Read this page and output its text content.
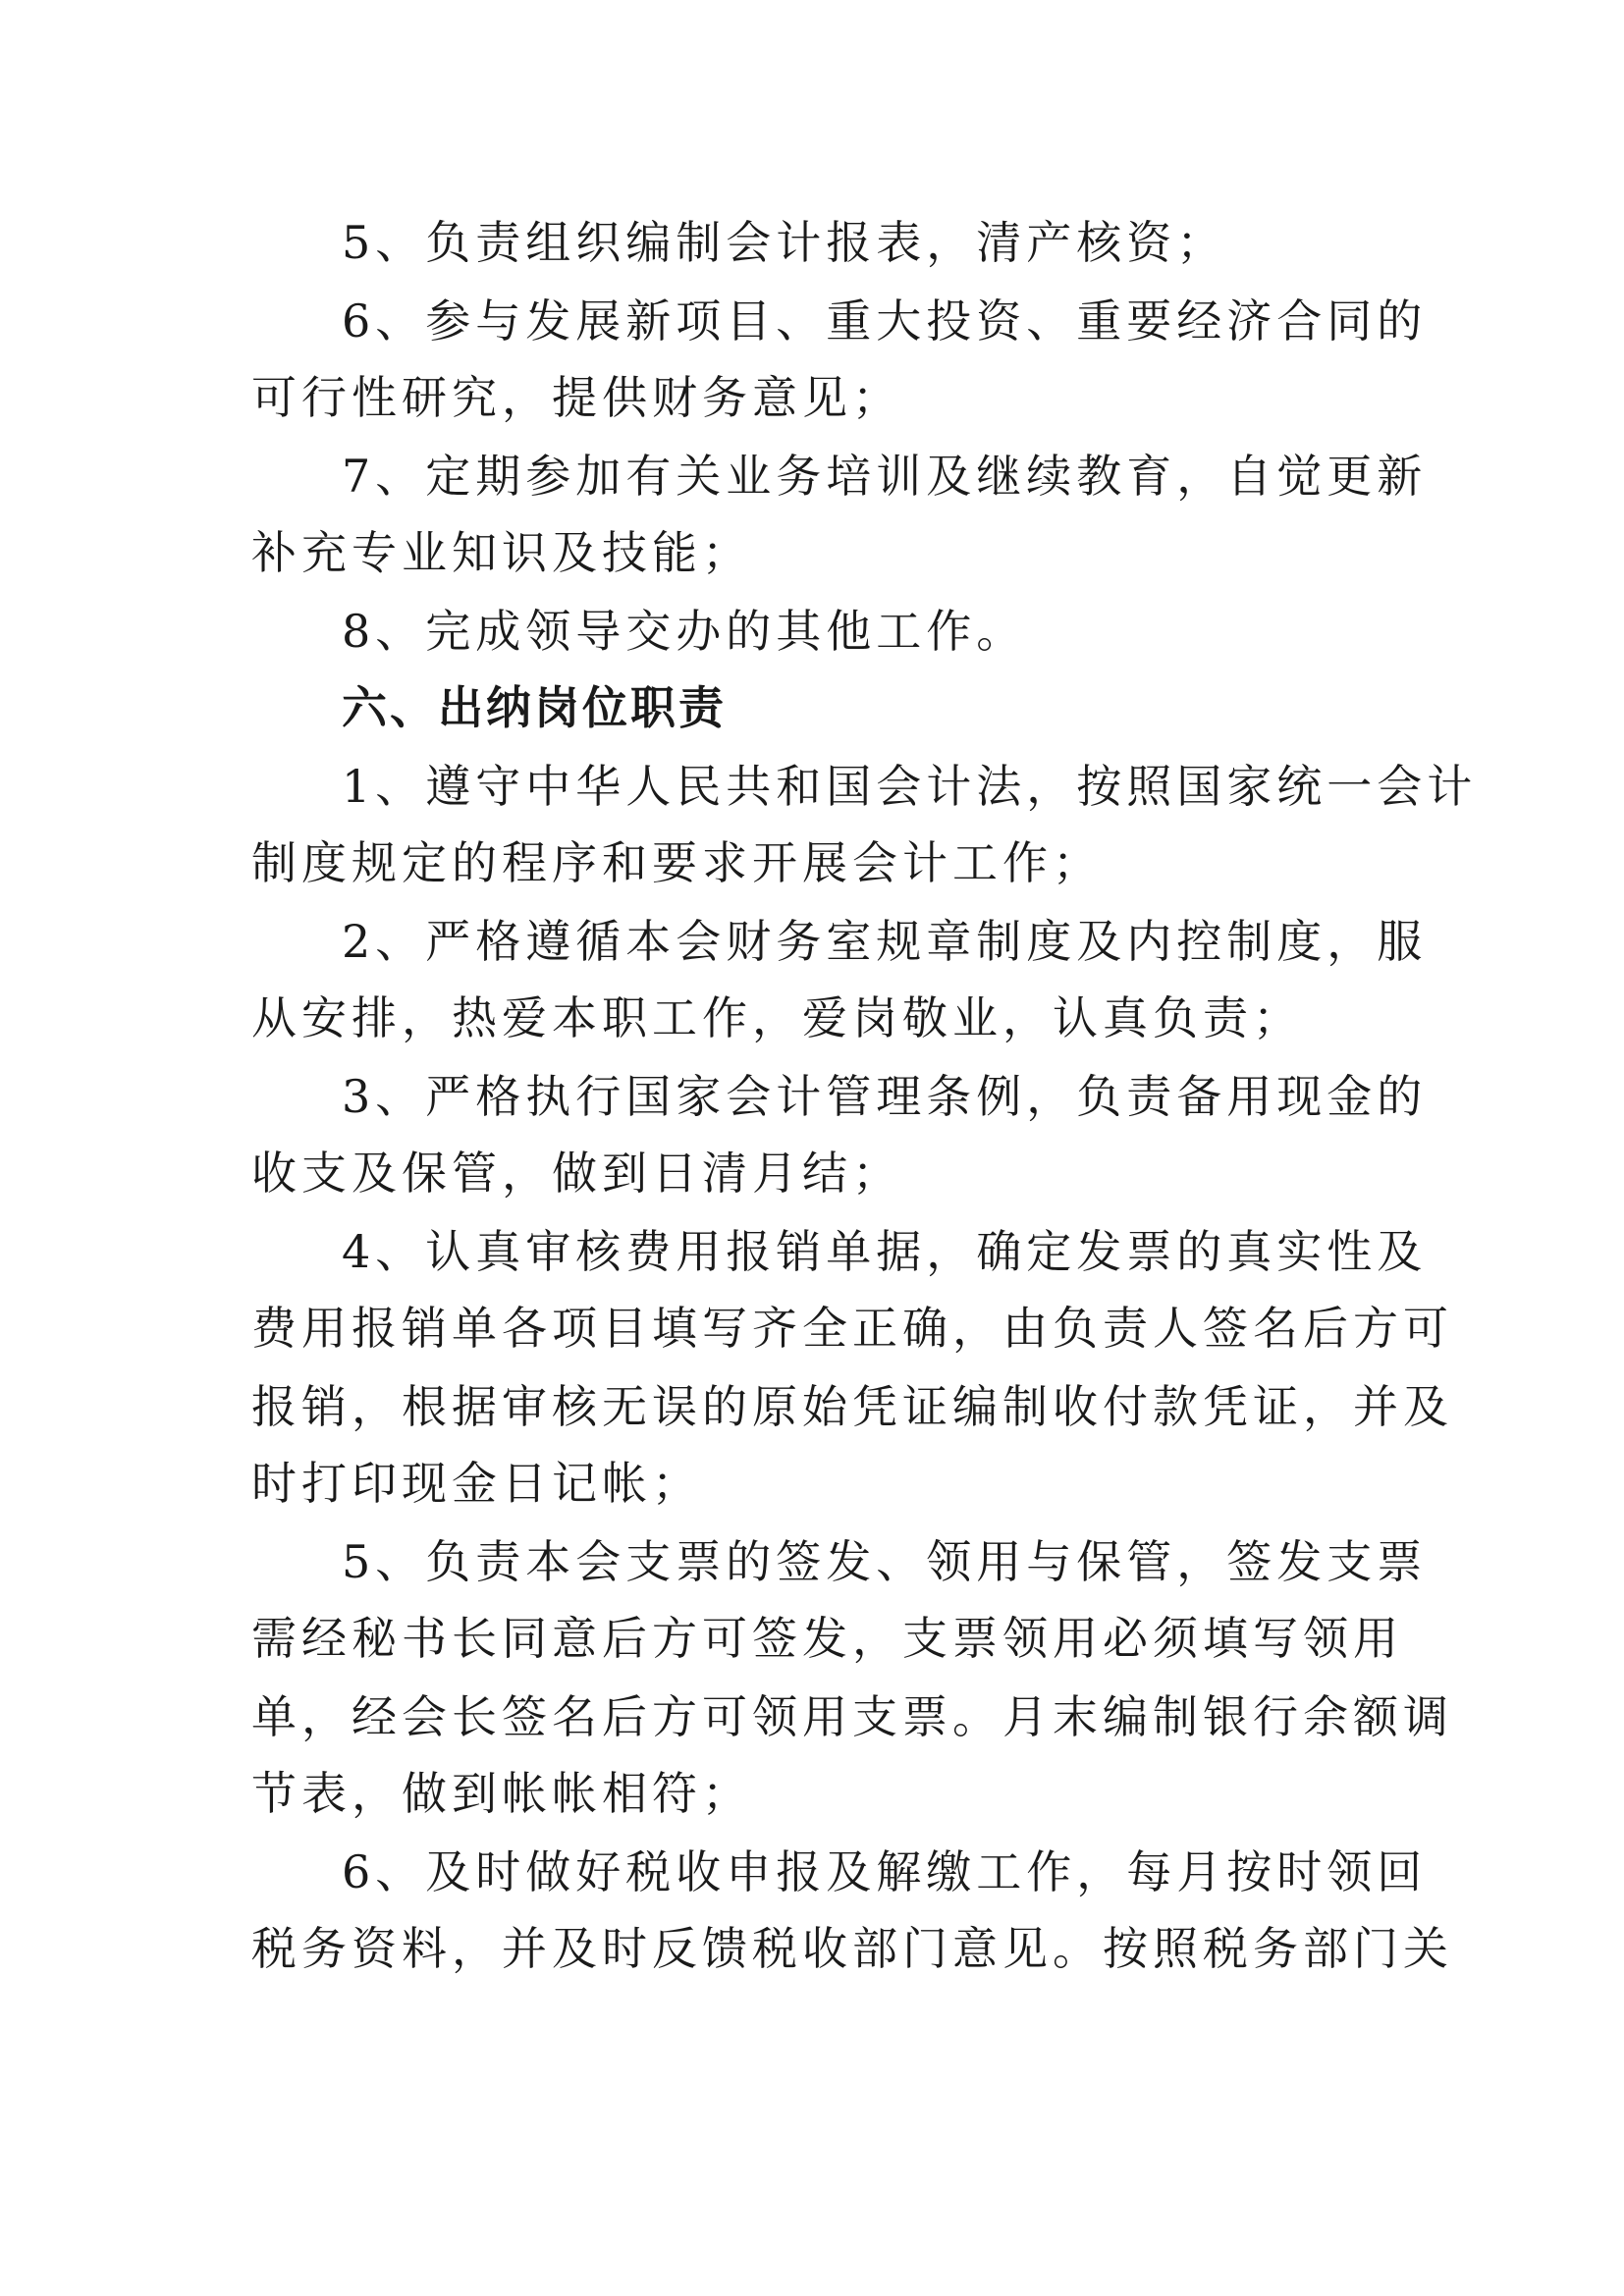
5、负责组织编制会计报表，清产核资；
6、参与发展新项目、重大投资、重要经济合同的
可行性研究，提供财务意见；
7、定期参加有关业务培训及继续教育，自觉更新
补充专业知识及技能；
8、完成领导交办的其他工作。
六、出纳岗位职责
1、遵守中华人民共和国会计法，按照国家统一会计
制度规定的程序和要求开展会计工作；
2、严格遵循本会财务室规章制度及内控制度，服
从安排，热爱本职工作，爱岗敬业，认真负责；
3、严格执行国家会计管理条例，负责备用现金的
收支及保管，做到日清月结；
4、认真审核费用报销单据，确定发票的真实性及
费用报销单各项目填写齐全正确，由负责人签名后方可
报销，根据审核无误的原始凭证编制收付款凭证，并及
时打印现金日记帐；
5、负责本会支票的签发、领用与保管，签发支票
需经秘书长同意后方可签发，支票领用必须填写领用
单，经会长签名后方可领用支票。月末编制银行余额调
节表，做到帐帐相符；
6、及时做好税收申报及解缴工作，每月按时领回
税务资料，并及时反馈税收部门意见。按照税务部门关
